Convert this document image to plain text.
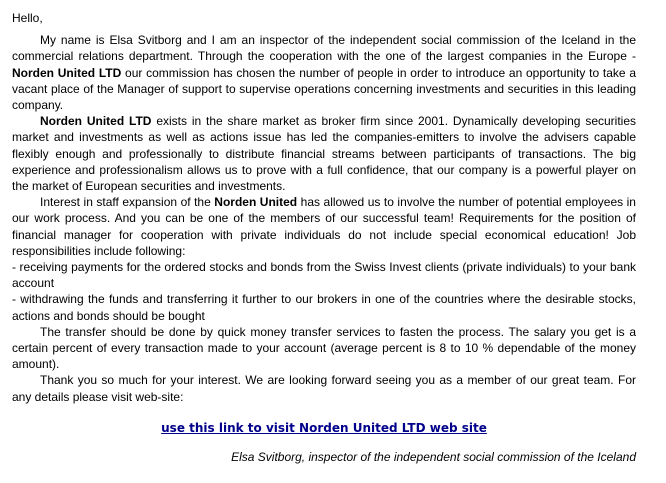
Hello,

My name is Elsa Svitborg and I am an inspector of the independent social commission of the Iceland in the commercial relations department. Through the cooperation with the one of the largest companies in the Europe - Norden United LTD our commission has chosen the number of people in order to introduce an opportunity to take a vacant place of the Manager of support to supervise operations concerning investments and securities in this leading company.

Norden United LTD exists in the share market as broker firm since 2001. Dynamically developing securities market and investments as well as actions issue has led the companies-emitters to involve the advisers capable flexibly enough and professionally to distribute financial streams between participants of transactions. The big experience and professionalism allows us to prove with a full confidence, that our company is a powerful player on the market of European securities and investments.

Interest in staff expansion of the Norden United has allowed us to involve the number of potential employees in our work process. And you can be one of the members of our successful team! Requirements for the position of financial manager for cooperation with private individuals do not include special economical education! Job responsibilities include following:

- receiving payments for the ordered stocks and bonds from the Swiss Invest clients (private individuals) to your bank account

- withdrawing the funds and transferring it further to our brokers in one of the countries where the desirable stocks, actions and bonds should be bought

The transfer should be done by quick money transfer services to fasten the process. The salary you get is a certain percent of every transaction made to your account (average percent is 8 to 10 % dependable of the money amount).

Thank you so much for your interest. We are looking forward seeing you as a member of our great team. For any details please visit web-site:

use this link to visit Norden United LTD web site
Elsa Svitborg, inspector of the independent social commission of the Iceland
